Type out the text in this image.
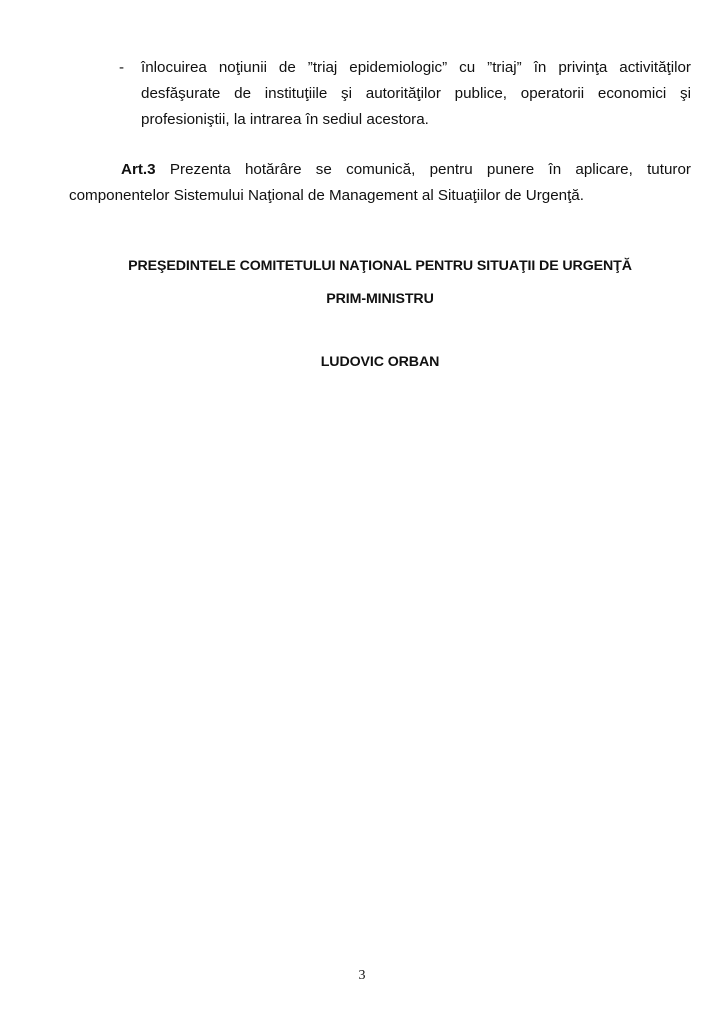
- înlocuirea noţiunii de ”triaj epidemiologic” cu ”triaj” în privinţa activităţilor
desfăşurate de instituţiile şi autorităţilor publice, operatorii economici şi
profesioniştii, la intrarea în sediul acestora.
Art.3 Prezenta hotărâre se comunică, pentru punere în aplicare, tuturor
componentelor Sistemului Naţional de Management al Situaţiilor de Urgenţă.
PREŞEDINTELE COMITETULUI NAŢIONAL PENTRU SITUAŢII DE URGENŢĂ
PRIM-MINISTRU
LUDOVIC ORBAN
3
